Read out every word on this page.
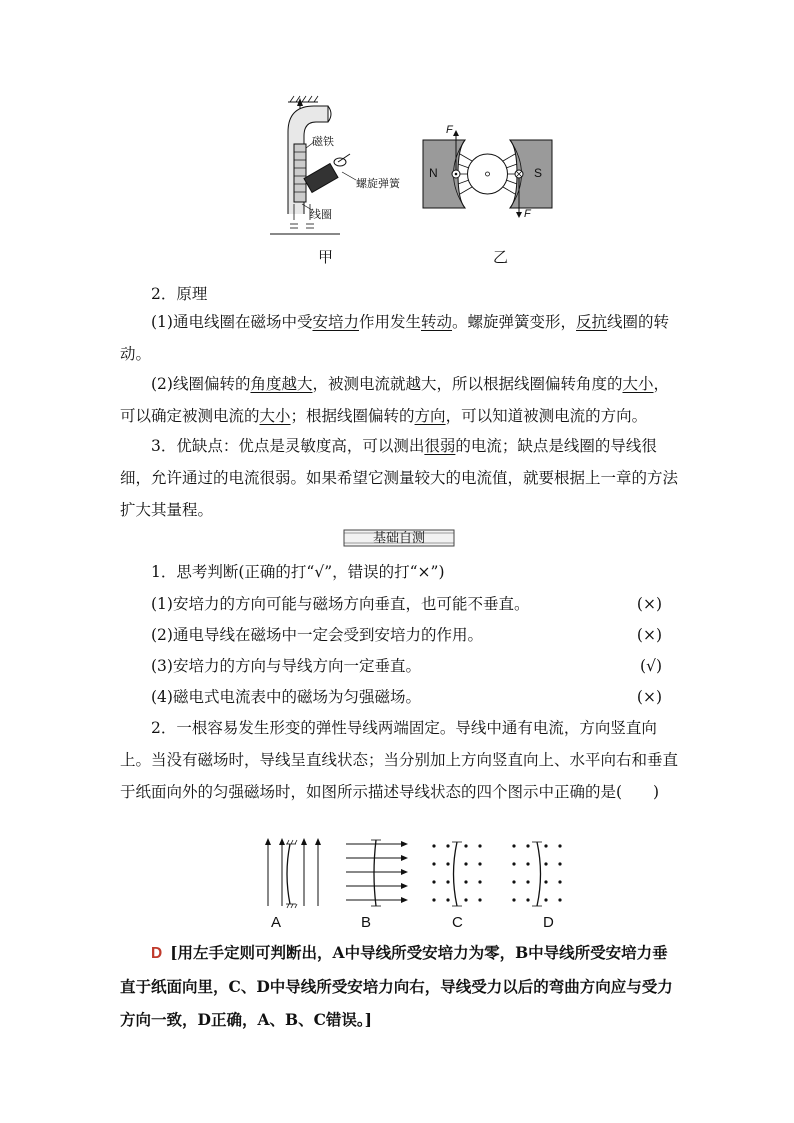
磁铁
螺旋弹簧
线圈
甲
N	S
F
F
乙
2．原理
(1)通电线圈在磁场中受安培力作用发生转动。螺旋弹簧变形，反抗线圈的转动。
(2)线圈偏转的角度越大，被测电流就越大，所以根据线圈偏转角度的大小，可以确定被测电流的大小；根据线圈偏转的方向，可以知道被测电流的方向。
3．优缺点：优点是灵敏度高，可以测出很弱的电流；缺点是线圈的导线很细，允许通过的电流很弱。如果希望它测量较大的电流值，就要根据上一章的方法扩大其量程。
基础自测
1．思考判断(正确的打“√”，错误的打“×”)
(1)安培力的方向可能与磁场方向垂直，也可能不垂直。	(×)
(2)通电导线在磁场中一定会受到安培力的作用。	(×)
(3)安培力的方向与导线方向一定垂直。	(√)
(4)磁电式电流表中的磁场为匀强磁场。	(×)
2．一根容易发生形变的弹性导线两端固定。导线中通有电流，方向竖直向上。当没有磁场时，导线呈直线状态；当分别加上方向竖直向上、水平向右和垂直于纸面向外的匀强磁场时，如图所示描述导线状态的四个图示中正确的是(　　)
A	B	C	D
D [用左手定则可判断出，A中导线所受安培力为零，B中导线所受安培力垂直于纸面向里，C、D中导线所受安培力向右，导线受力以后的弯曲方向应与受力方向一致，D正确，A、B、C错误。]
